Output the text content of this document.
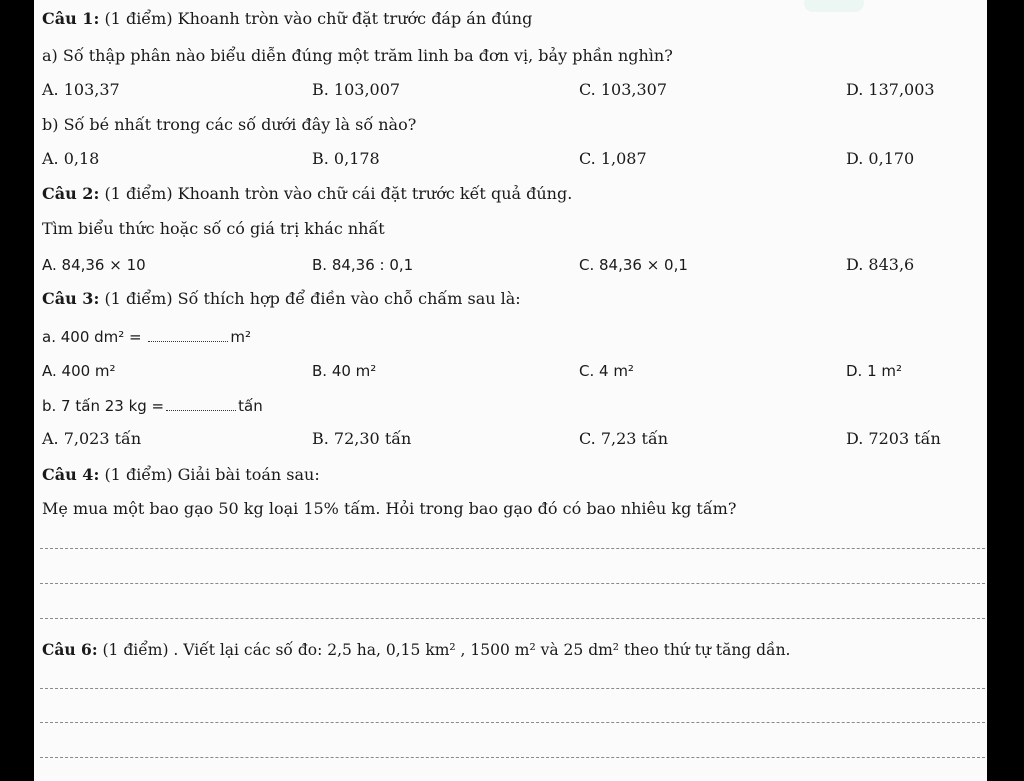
Câu 1: (1 điểm) Khoanh tròn vào chữ đặt trước đáp án đúng
a) Số thập phân nào biểu diễn đúng một trăm linh ba đơn vị, bảy phần nghìn?
A. 103,37	B. 103,007	C. 103,307	D. 137,003
b) Số bé nhất trong các số dưới đây là số nào?
A. 0,18	B. 0,178	C. 1,087	D. 0,170
Câu 2: (1 điểm) Khoanh tròn vào chữ cái đặt trước kết quả đúng.
Tìm biểu thức hoặc số có giá trị khác nhất
A. 84,36 × 10	B. 84,36 : 0,1	C. 84,36 × 0,1	D. 843,6
Câu 3: (1 điểm) Số thích hợp để điền vào chỗ chấm sau là:
a. 400 dm² =	m²
A. 400 m²	B. 40 m²	C. 4 m²	D. 1 m²
b. 7 tấn 23 kg =	tấn
A. 7,023 tấn	B. 72,30 tấn	C. 7,23 tấn	D. 7203 tấn
Câu 4: (1 điểm) Giải bài toán sau:
Mẹ mua một bao gạo 50 kg loại 15% tấm. Hỏi trong bao gạo đó có bao nhiêu kg tấm?
Câu 6: (1 điểm) . Viết lại các số đo: 2,5 ha, 0,15 km² , 1500 m² và 25 dm² theo thứ tự tăng dần.
